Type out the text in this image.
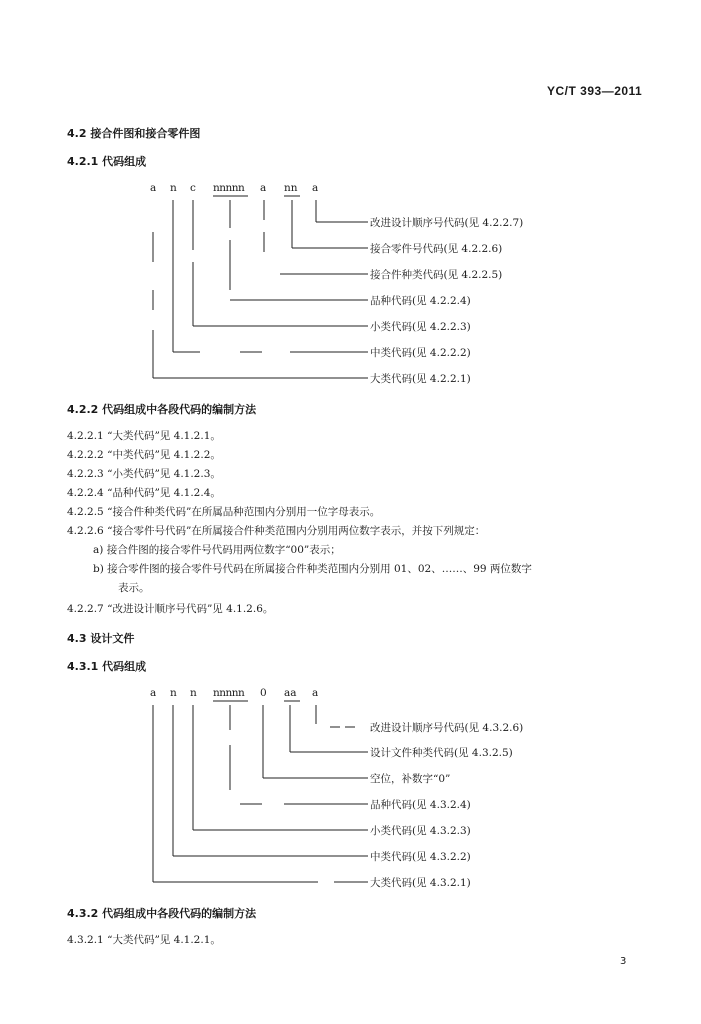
YC/T 393—2011
4.2 接合件图和接合零件图
4.2.1 代码组成
a n c nnnnn a nn a
改进设计顺序号代码(见 4.2.2.7)
接合零件号代码(见 4.2.2.6)
接合件种类代码(见 4.2.2.5)
品种代码(见 4.2.2.4)
小类代码(见 4.2.2.3)
中类代码(见 4.2.2.2)
大类代码(见 4.2.2.1)
4.2.2 代码组成中各段代码的编制方法
4.2.2.1 “大类代码”见 4.1.2.1。
4.2.2.2 “中类代码”见 4.1.2.2。
4.2.2.3 “小类代码”见 4.1.2.3。
4.2.2.4 “品种代码”见 4.1.2.4。
4.2.2.5 “接合件种类代码”在所属品种范围内分别用一位字母表示。
4.2.2.6 “接合零件号代码”在所属接合件种类范围内分别用两位数字表示，并按下列规定：
a) 接合件图的接合零件号代码用两位数字“00”表示；
b) 接合零件图的接合零件号代码在所属接合件种类范围内分别用 01、02、……、99 两位数字
表示。
4.2.2.7 “改进设计顺序号代码”见 4.1.2.6。
4.3 设计文件
4.3.1 代码组成
a n n nnnnn 0 aa a
改进设计顺序号代码(见 4.3.2.6)
设计文件种类代码(见 4.3.2.5)
空位，补数字“0”
品种代码(见 4.3.2.4)
小类代码(见 4.3.2.3)
中类代码(见 4.3.2.2)
大类代码(见 4.3.2.1)
4.3.2 代码组成中各段代码的编制方法
4.3.2.1 “大类代码”见 4.1.2.1。
3
